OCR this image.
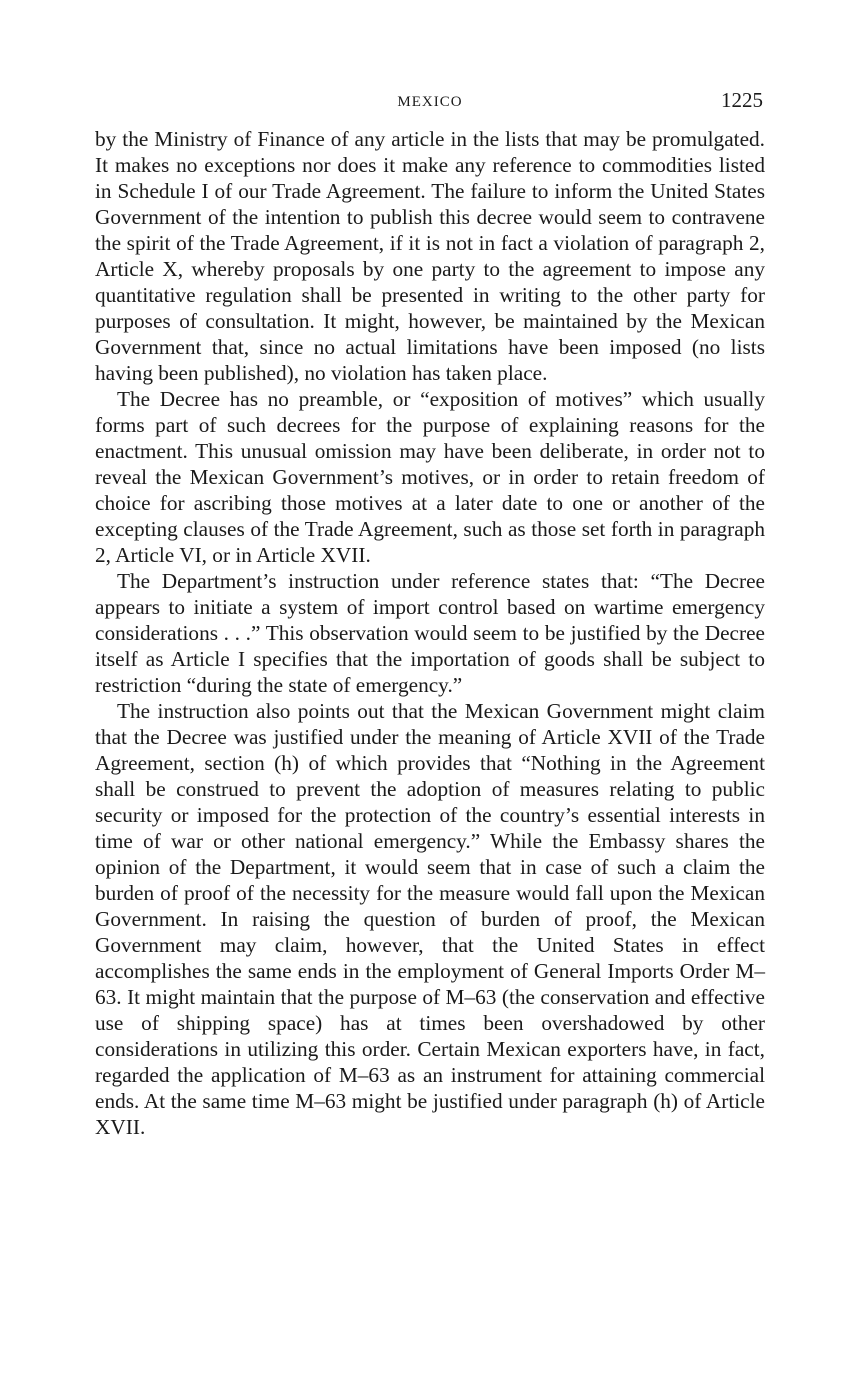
MEXICO	1225

by the Ministry of Finance of any article in the lists that may be promulgated. It makes no exceptions nor does it make any reference to commodities listed in Schedule I of our Trade Agreement. The failure to inform the United States Government of the intention to publish this decree would seem to contravene the spirit of the Trade Agreement, if it is not in fact a violation of paragraph 2, Article X, whereby proposals by one party to the agreement to impose any quantitative regulation shall be presented in writing to the other party for purposes of consultation. It might, however, be maintained by the Mexican Government that, since no actual limitations have been imposed (no lists having been published), no violation has taken place.

The Decree has no preamble, or “exposition of motives” which usually forms part of such decrees for the purpose of explaining reasons for the enactment. This unusual omission may have been deliberate, in order not to reveal the Mexican Government’s motives, or in order to retain freedom of choice for ascribing those motives at a later date to one or another of the excepting clauses of the Trade Agreement, such as those set forth in paragraph 2, Article VI, or in Article XVII.

The Department’s instruction under reference states that: “The Decree appears to initiate a system of import control based on wartime emergency considerations . . .” This observation would seem to be justified by the Decree itself as Article I specifies that the importation of goods shall be subject to restriction “during the state of emergency.”

The instruction also points out that the Mexican Government might claim that the Decree was justified under the meaning of Article XVII of the Trade Agreement, section (h) of which provides that “Nothing in the Agreement shall be construed to prevent the adoption of measures relating to public security or imposed for the protection of the country’s essential interests in time of war or other national emergency.” While the Embassy shares the opinion of the Department, it would seem that in case of such a claim the burden of proof of the necessity for the measure would fall upon the Mexican Government. In raising the question of burden of proof, the Mexican Government may claim, however, that the United States in effect accomplishes the same ends in the employment of General Imports Order M–63. It might maintain that the purpose of M–63 (the conservation and effective use of shipping space) has at times been overshadowed by other considerations in utilizing this order. Certain Mexican exporters have, in fact, regarded the application of M–63 as an instrument for attaining commercial ends. At the same time M–63 might be justified under paragraph (h) of Article XVII.
